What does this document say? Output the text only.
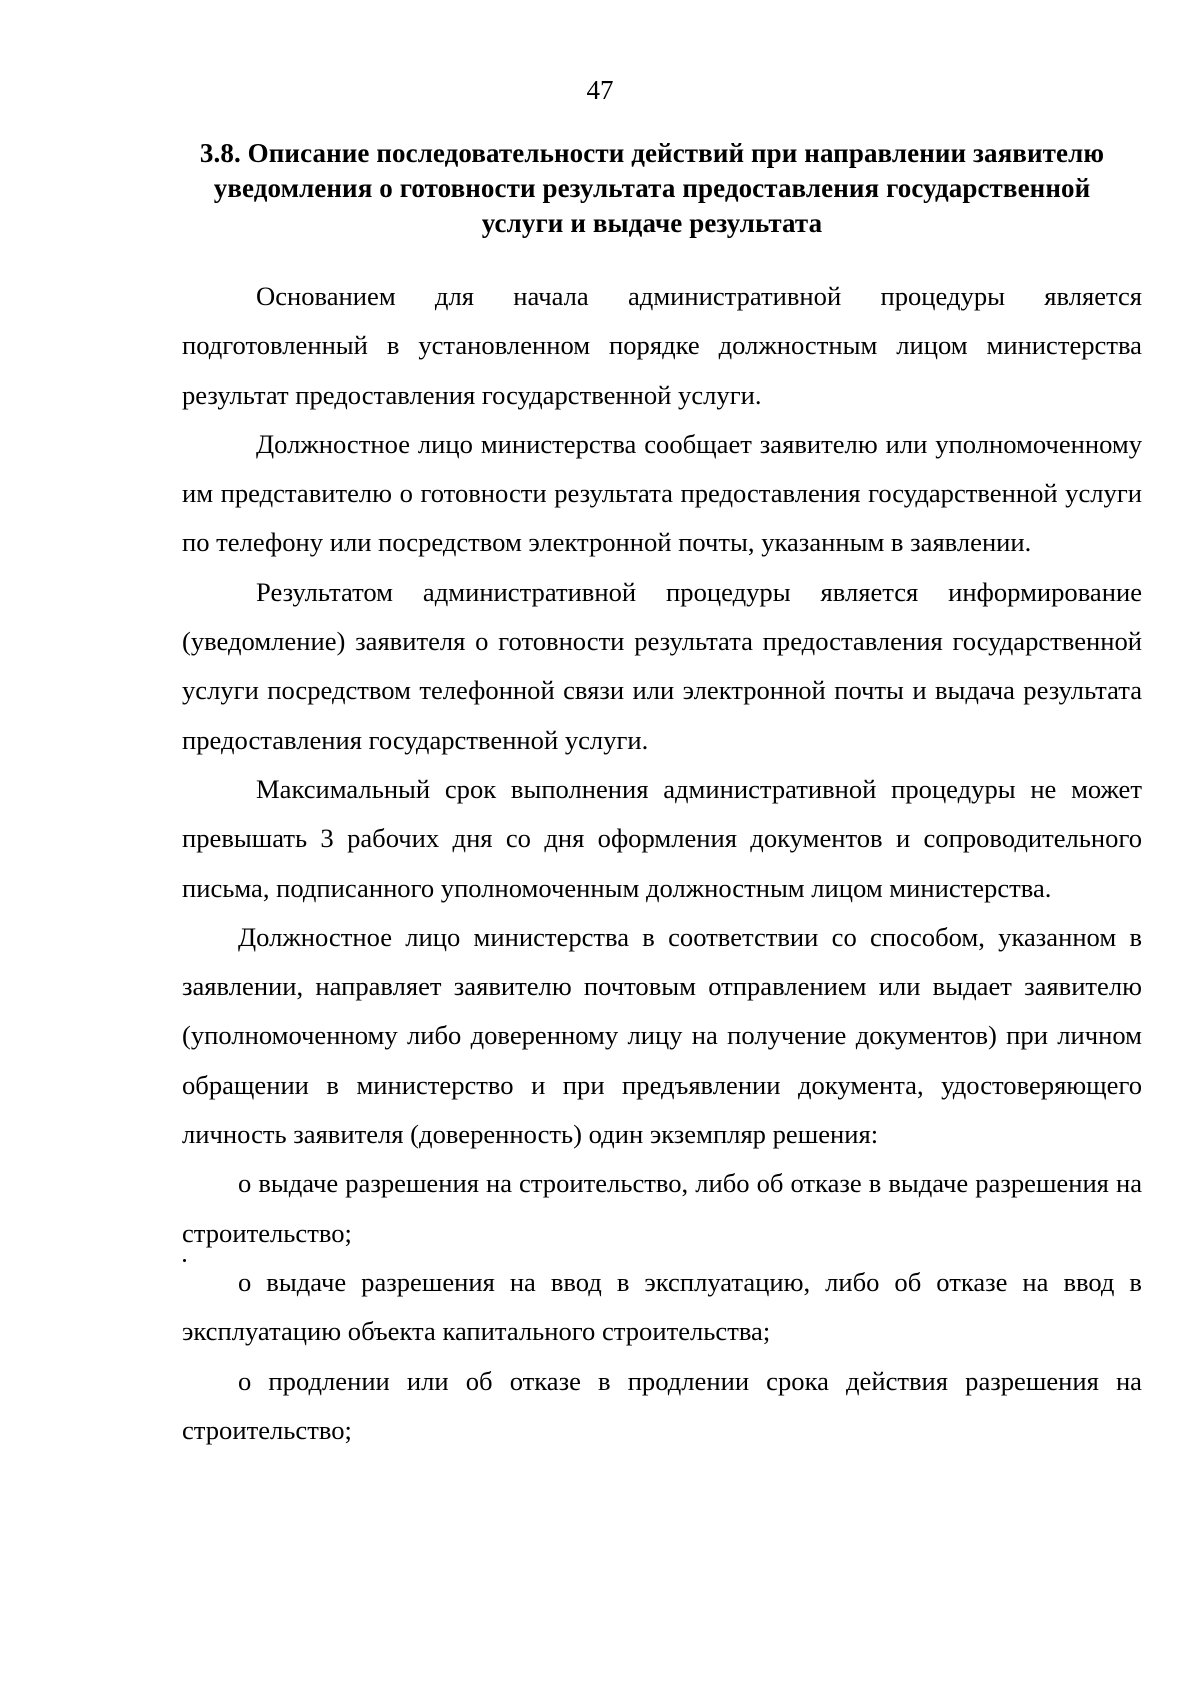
47
3.8. Описание последовательности действий при направлении заявителю уведомления о готовности результата предоставления государственной услуги и выдаче результата

Основанием для начала административной процедуры является подготовленный в установленном порядке должностным лицом министерства результат предоставления государственной услуги.

Должностное лицо министерства сообщает заявителю или уполномоченному им представителю о готовности результата предоставления государственной услуги по телефону или посредством электронной почты, указанным в заявлении.

Результатом административной процедуры является информирование (уведомление) заявителя о готовности результата предоставления государственной услуги посредством телефонной связи или электронной почты и выдача результата предоставления государственной услуги.

Максимальный срок выполнения административной процедуры не может превышать 3 рабочих дня со дня оформления документов и сопроводительного письма, подписанного уполномоченным должностным лицом министерства.

Должностное лицо министерства в соответствии со способом, указанном в заявлении, направляет заявителю почтовым отправлением или выдает заявителю (уполномоченному либо доверенному лицу на получение документов) при личном обращении в министерство и при предъявлении документа, удостоверяющего личность заявителя (доверенность) один экземпляр решения:

о выдаче разрешения на строительство, либо об отказе в выдаче разрешения на строительство;

о выдаче разрешения на ввод в эксплуатацию, либо об отказе на ввод в эксплуатацию объекта капитального строительства;

о продлении или об отказе в продлении срока действия разрешения на строительство;
